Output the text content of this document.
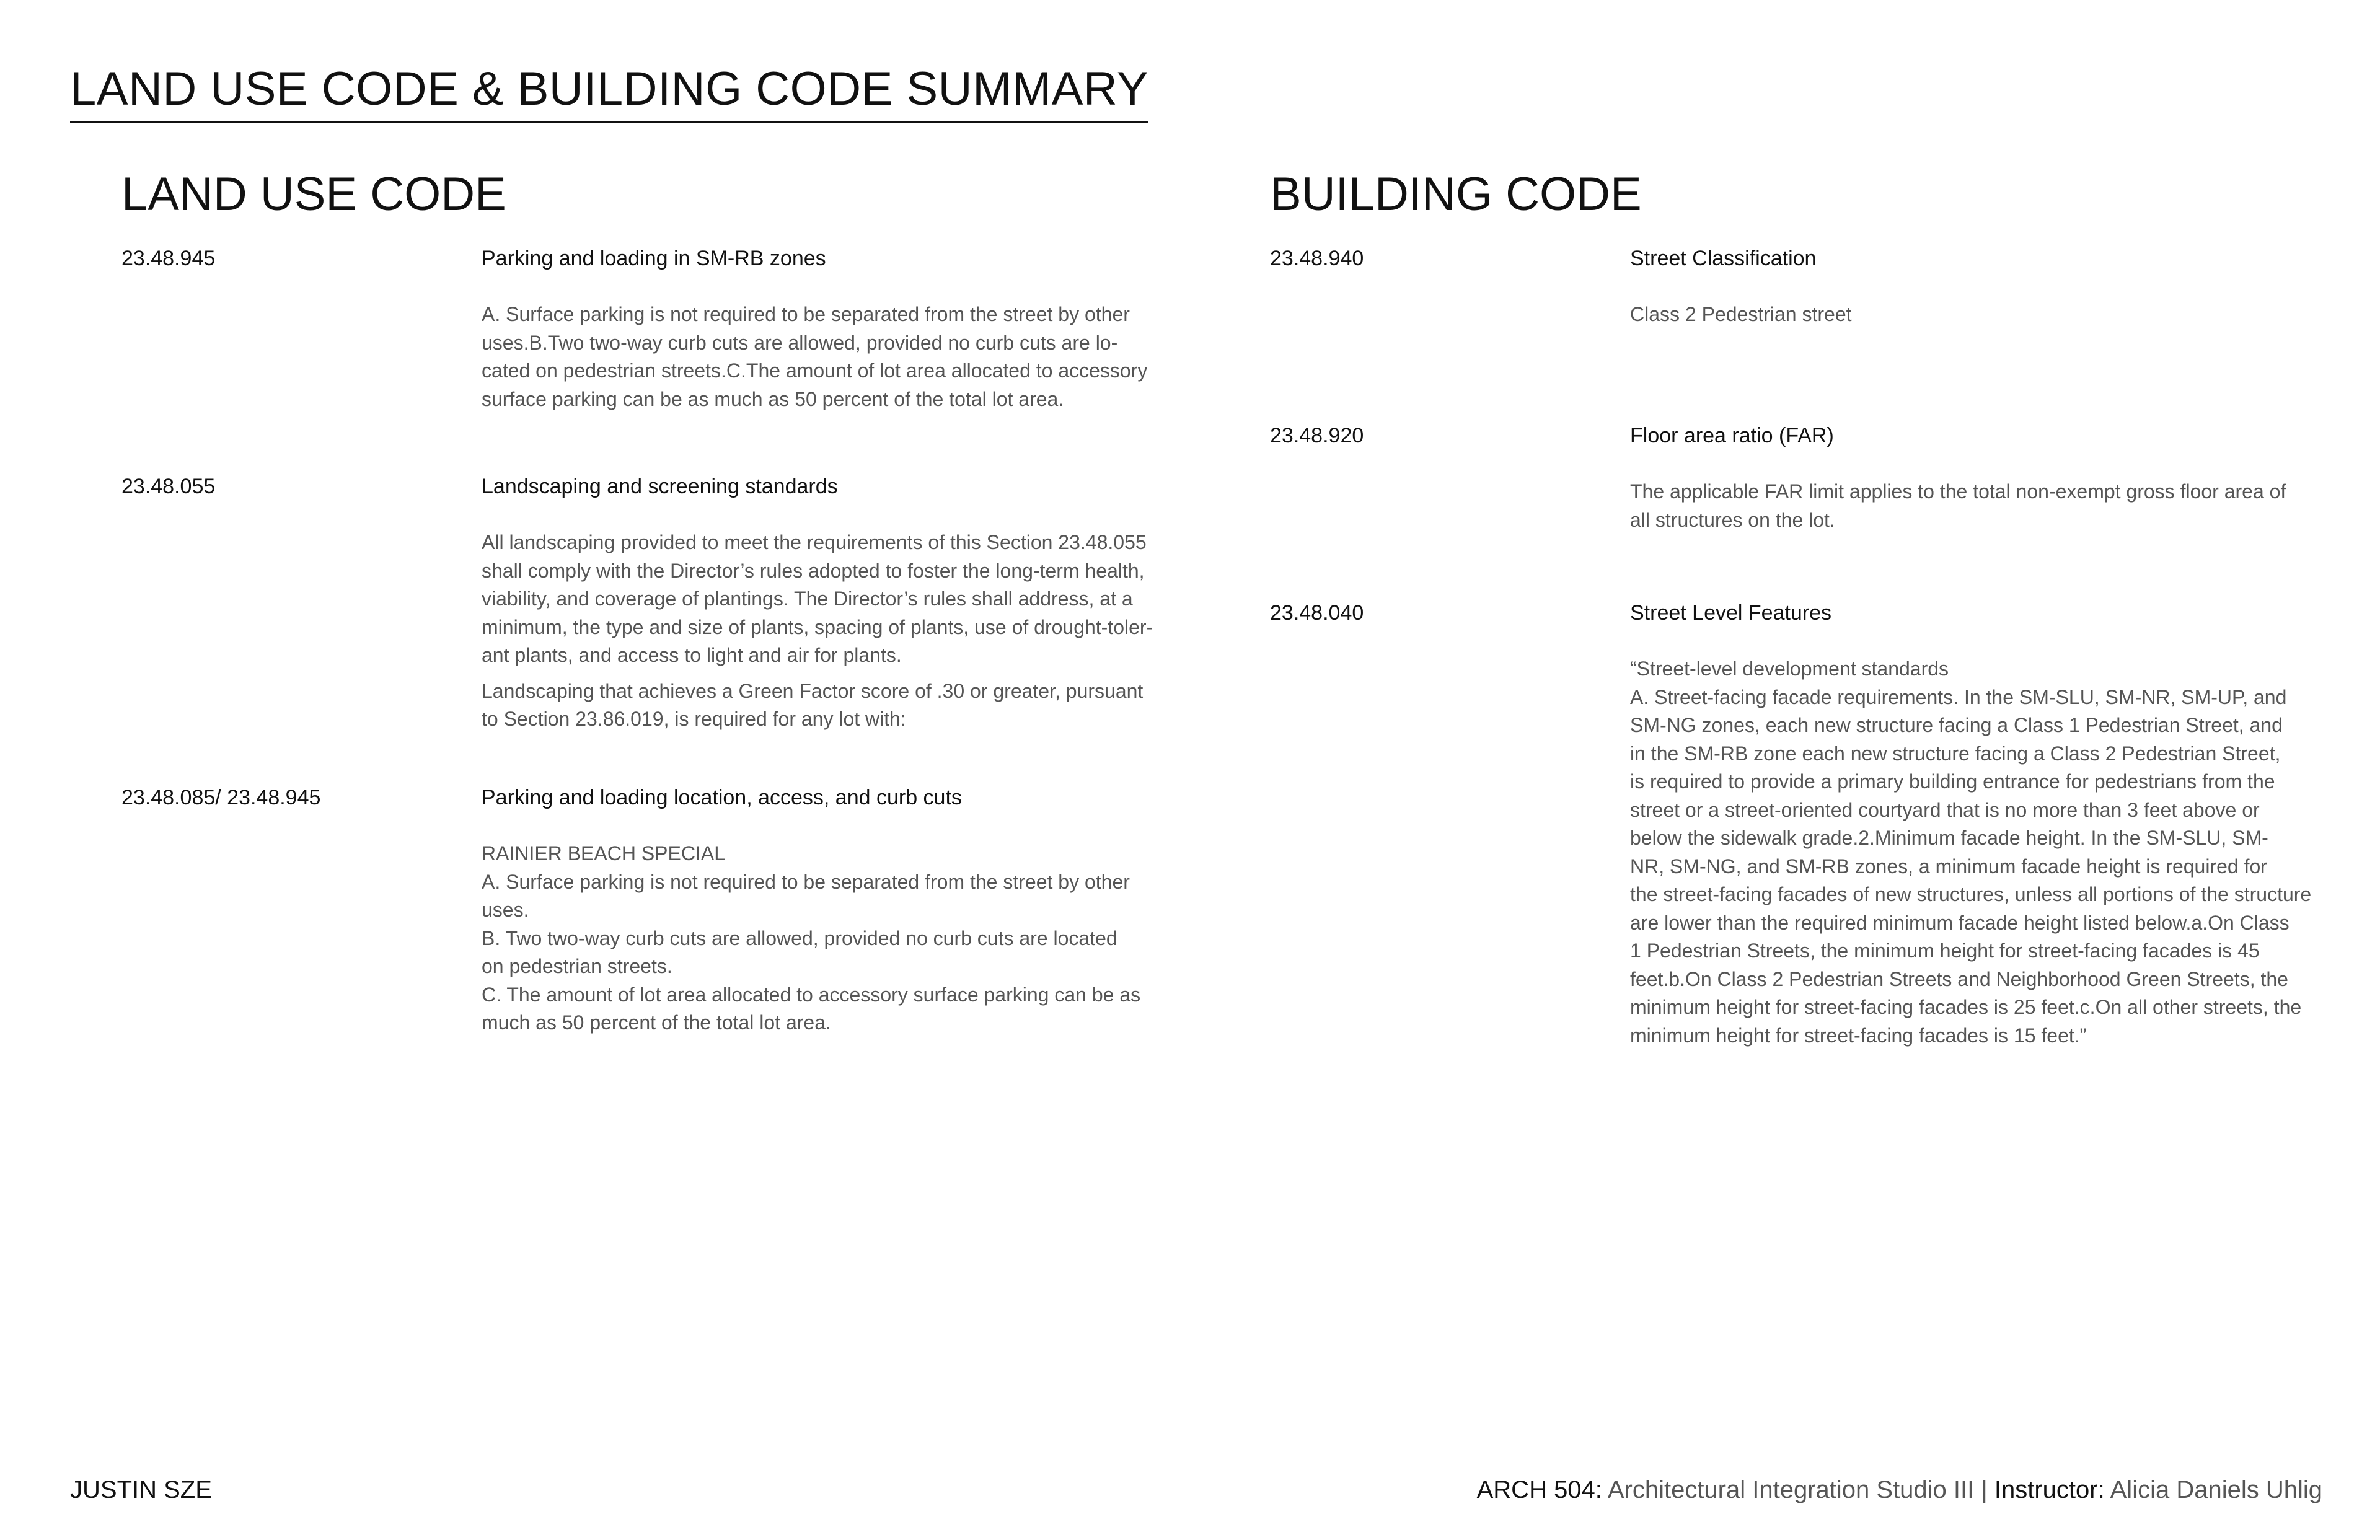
LAND USE CODE & BUILDING CODE SUMMARY
LAND USE CODE
23.48.945	Parking and loading in SM-RB zones

A. Surface parking is not required to be separated from the street by other
uses.B.Two two-way curb cuts are allowed, provided no curb cuts are lo-
cated on pedestrian streets.C.The amount of lot area allocated to accessory
surface parking can be as much as 50 percent of the total lot area.

23.48.055	Landscaping and screening standards

All landscaping provided to meet the requirements of this Section 23.48.055
shall comply with the Director’s rules adopted to foster the long-term health,
viability, and coverage of plantings. The Director’s rules shall address, at a
minimum, the type and size of plants, spacing of plants, use of drought-toler-
ant plants, and access to light and air for plants.

Landscaping that achieves a Green Factor score of .30 or greater, pursuant
to Section 23.86.019, is required for any lot with:

23.48.085/ 23.48.945	Parking and loading location, access, and curb cuts

RAINIER BEACH SPECIAL
A. Surface parking is not required to be separated from the street by other
uses.
B. Two two-way curb cuts are allowed, provided no curb cuts are located
on pedestrian streets.
C. The amount of lot area allocated to accessory surface parking can be as
much as 50 percent of the total lot area.

BUILDING CODE
23.48.940	Street Classification

Class 2 Pedestrian street

23.48.920	Floor area ratio (FAR)

The applicable FAR limit applies to the total non-exempt gross floor area of
all structures on the lot.

23.48.040	Street Level Features

“Street-level development standards
A. Street-facing facade requirements. In the SM-SLU, SM-NR, SM-UP, and
SM-NG zones, each new structure facing a Class 1 Pedestrian Street, and
in the SM-RB zone each new structure facing a Class 2 Pedestrian Street,
is required to provide a primary building entrance for pedestrians from the
street or a street-oriented courtyard that is no more than 3 feet above or
below the sidewalk grade.2.Minimum facade height. In the SM-SLU, SM-
NR, SM-NG, and SM-RB zones, a minimum facade height is required for
the street-facing facades of new structures, unless all portions of the structure
are lower than the required minimum facade height listed below.a.On Class
1 Pedestrian Streets, the minimum height for street-facing facades is 45
feet.b.On Class 2 Pedestrian Streets and Neighborhood Green Streets, the
minimum height for street-facing facades is 25 feet.c.On all other streets, the
minimum height for street-facing facades is 15 feet.”

JUSTIN SZE	ARCH 504: Architectural Integration Studio III | Instructor: Alicia Daniels Uhlig
